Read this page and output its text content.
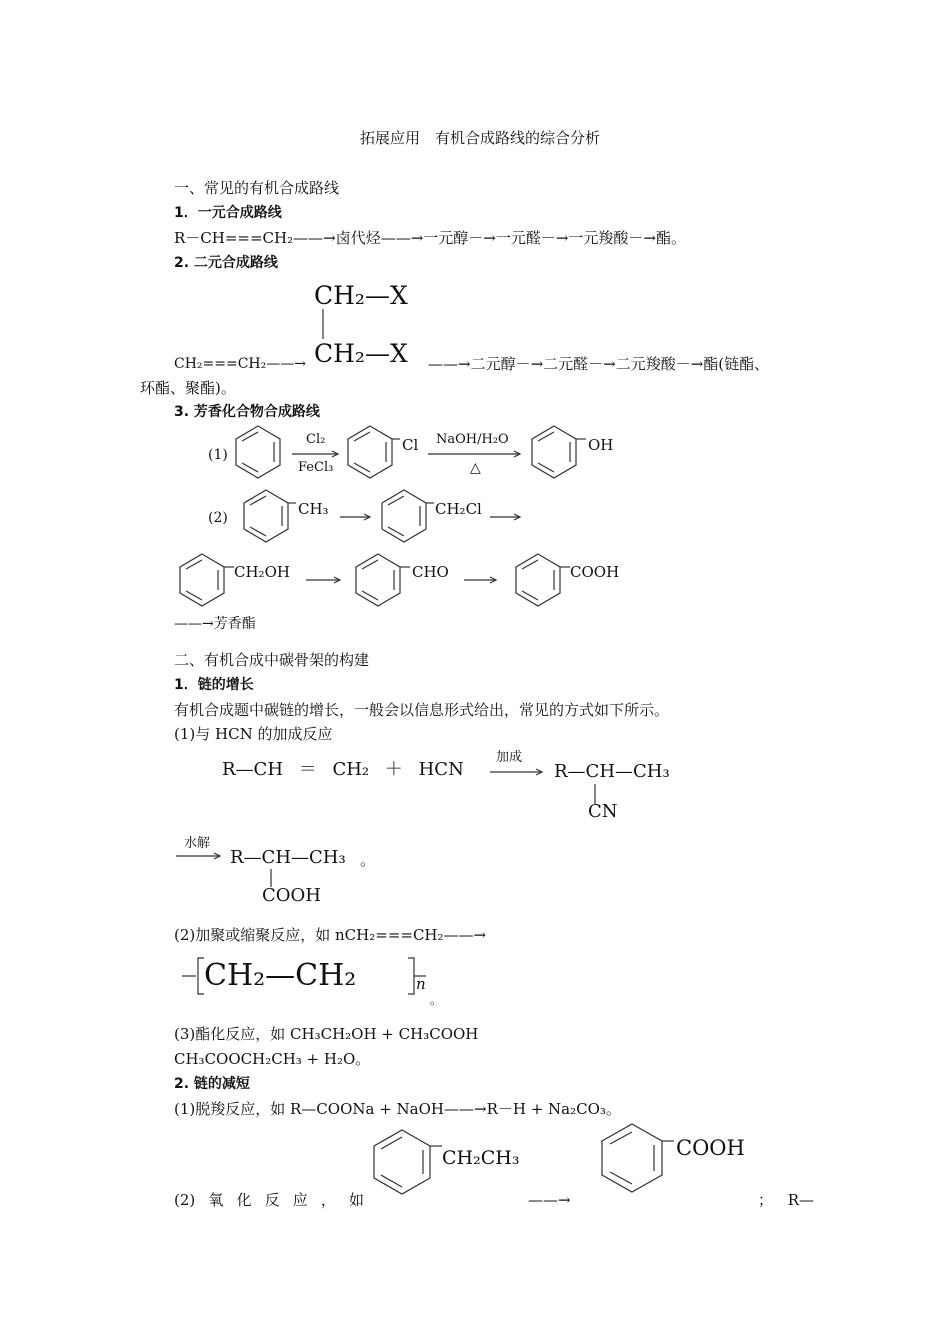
拓展应用　有机合成路线的综合分析
一、常见的有机合成路线
1．一元合成路线
R－CH===CH₂——→卤代烃——→一元醇－→一元醛－→一元羧酸－→酯。
2. 二元合成路线
CH₂—X
CH₂—X
CH₂===CH₂——→	——→二元醇－→二元醛－→二元羧酸－→酯(链酯、
环酯、聚酯)。
3. 芳香化合物合成路线
(1)
Cl₂
FeCl₃
Cl NaOH/H₂O
△
OH
(2)	CH₃	CH₂Cl
CH₂OH	CHO	COOH
——→芳香酯
二、有机合成中碳骨架的构建
1．链的增长
有机合成题中碳链的增长，一般会以信息形式给出，常见的方式如下所示。
(1)与 HCN 的加成反应
R—CH ＝ CH₂ ＋ HCN
加成
R—CH—CH₃
CN
水解
R—CH—CH₃ 。
COOH
(2)加聚或缩聚反应，如 nCH₂===CH₂——→
CH₂—CH₂	n
。
(3)酯化反应，如 CH₃CH₂OH + CH₃COOH
CH₃COOCH₂CH₃ + H₂O。
2. 链的减短
(1)脱羧反应，如 R—COONa + NaOH——→R－H + Na₂CO₃。
CH₂CH₃	COOH
(2) 氧 化 反 应 ， 如	——→	； R—
